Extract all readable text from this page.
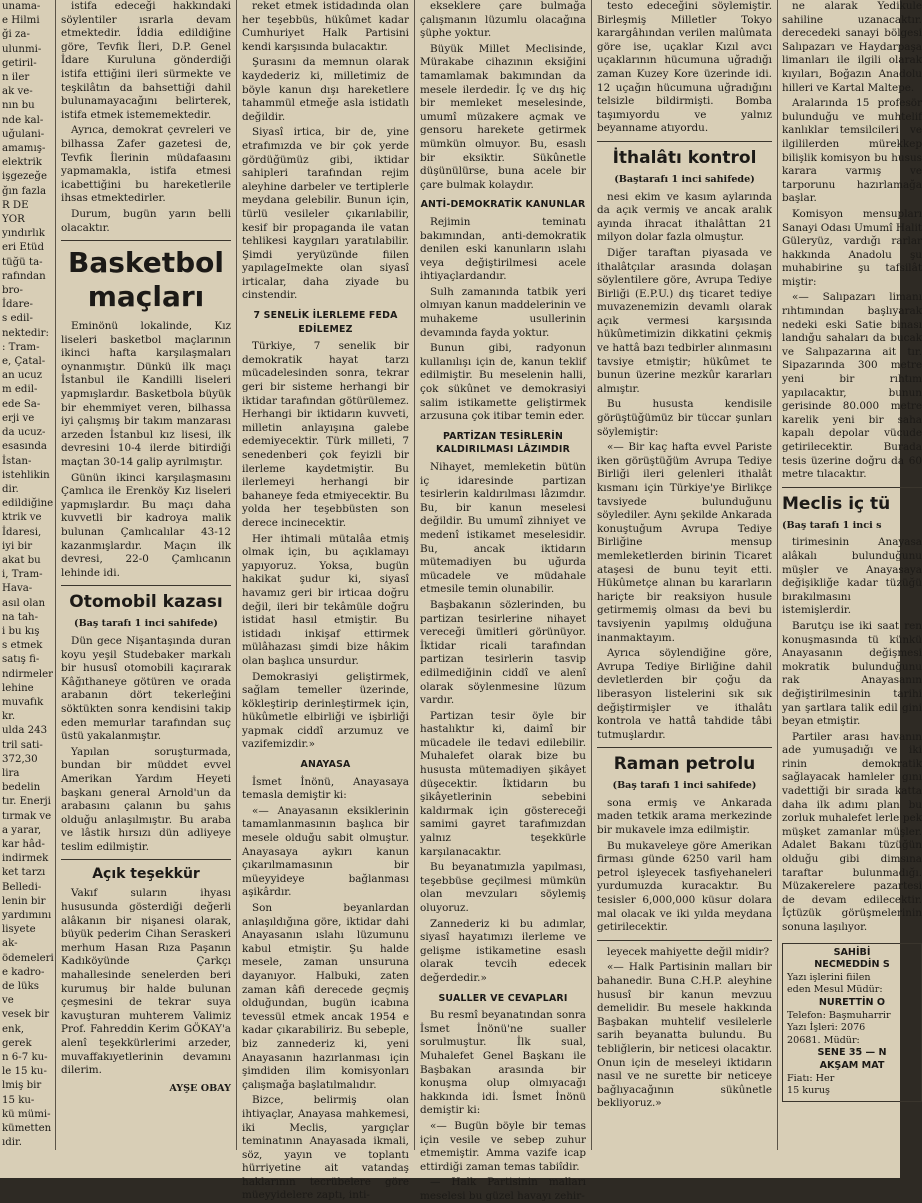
unama-
e Hilmi
ği za-
ulunmi-
getiril-
n iler
ak ve-
nın bu
nde kal-
uğulani-
amamış-
elektrik
işgezeğe
ğın fazla
R DE
YOR
yındırlık
eri Etüd
tüğü ta-
rafından bro-
İdare-
s edil-
nektedir:
: Tram-
e, Çatal-
an ucuz
m edil-
ede Sa-
erji ve
da ucuz-
esasında
İstan-
istehlikin
dir.
edildiğine
ktrik ve
İdaresi,
iyi bir
akat bu
i, Tram-
Hava-
asıl olan
na tah-
i bu kış
s etmek
satış fi-
ndirmeler
lehine
muvafık
kr.
ulda 243
tril sati-
372,30 lira
bedelin
tır. Enerji
tırmak ve
a yarar,
kar hâd-
indirmek
ket tarzı
Belledi-
lenin bir
yardımını
lisyete ak-
ödemeleri
e kadro-
de lüks ve
vesek bir
enk, gerek
n 6-7 ku-
le 15 ku-
lmiş bir
15 ku-
kü mümi-
kümetten
ıdir.

istifa edeceği hakkındaki söylentiler ısrarla devam etmektedir. İddia edildiğine göre, Tevfik İleri, D.P. Genel İdare Kuruluna gönderdiği istifa ettiğini ileri sürmekte ve teşkilâtın da bahsettiği dahil bulunamayacağını belirterek, istifa etmek istememektedir.

Ayrıca, demokrat çevreleri ve bilhassa Zafer gazetesi de, Tevfik İlerinin müdafaasını yapmamakla, istifa etmesi icabettiğini bu hareketlerile ihsas etmektedirler.

Durum, bugün yarın belli olacaktır.

Basketbol maçları

Eminönü lokalinde, Kız liseleri basketbol maçlarının ikinci hafta karşılaşmaları oynanmıştır. Dünkü ilk maçı İstanbul ile Kandilli liseleri yapmışlardır. Basketbola büyük bir ehemmiyet veren, bilhassa iyi çalışmış bir takım manzarası arzeden İstanbul kız lisesi, ilk devresini 10-4 ilerde bitirdiği maçtan 30-14 galip ayrılmıştır.

Günün ikinci karşılaşmasını Çamlıca ile Erenköy Kız liseleri yapmışlardır. Bu maçı daha kuvvetli bir kadroya malik bulunan Çamlıcalılar 43-12 kazanmışlardır. Maçın ilk devresi, 22-0 Çamlıcanın lehinde idi.

Otomobil kazası
(Baş tarafı 1 inci sahifede)

Dün gece Nişantaşında duran koyu yeşil Studebaker markalı bir hususî otomobili kaçırarak Kâğıthaneye götüren ve orada arabanın dört tekerleğini söktükten sonra kendisini takip eden memurlar tarafından suç üstü yakalanmıştır.

Yapılan soruşturmada, bundan bir müddet evvel Amerikan Yardım Heyeti başkanı general Arnold'un da arabasını çalanın bu şahıs olduğu anlaşılmıştır. Bu araba ve lâstik hırsızı dün adliyeye teslim edilmiştir.

Açık teşekkür

Vakıf suların ihyası hususunda gösterdiği değerli alâkanın bir nişanesi olarak, büyük pederim Cihan Seraskeri merhum Hasan Rıza Paşanın Kadıköyünde Çarkçı mahallesinde senelerden beri kurumuş bir halde bulunan çeşmesini de tekrar suya kavuşturan muhterem Valimiz Prof. Fahreddin Kerim GÖKAY'a alenî teşekkürlerimi arzeder, muvaffakıyetlerinin devamını dilerim.

AYŞE OBAY

reket etmek istidadında olan her teşebbüs, hükûmet kadar Cumhuriyet Halk Partisini kendi karşısında bulacaktır.

Şurasını da memnun olarak kaydederiz ki, milletimiz de böyle kanun dışı hareketlere tahammül etmeğe asla istidatlı değildir.

Siyasî irtica, bir de, yine etrafımızda ve bir çok yerde gördüğümüz gibi, iktidar sahipleri tarafından rejim aleyhine darbeler ve tertiplerle meydana gelebilir. Bunun için, türlü vesileler çıkarılabilir, kesif bir propaganda ile vatan tehlikesi kaygıları yaratılabilir. Şimdi yeryüzünde fiilen yapılageImekte olan siyasî irticalar, daha ziyade bu cinstendir.

7 SENELİK İLERLEME FEDA EDİLEMEZ

Türkiye, 7 senelik bir demokratik hayat tarzı mücadelesinden sonra, tekrar geri bir sisteme herhangi bir iktidar tarafından götürülemez. Herhangi bir iktidarın kuvveti, milletin anlayışına galebe edemiyecektir. Türk milleti, 7 senedenberi çok feyizli bir ilerleme kaydetmiştir. Bu ilerlemeyi herhangi bir bahaneye feda etmiyecektir. Bu yolda her teşebbüsten son derece incinecektir.

Her ihtimali mütalâa etmiş olmak için, bu açıklamayı yapıyoruz. Yoksa, bugün hakikat şudur ki, siyasî havamız geri bir irticaa doğru değil, ileri bir tekâmüle doğru istidat hasıl etmiştir. Bu istidadı inkişaf ettirmek mülâhazası şimdi bize hâkim olan başlıca unsurdur.

Demokrasiyi geliştirmek, sağlam temeller üzerinde, kökleştirip derinleştirmek için, hükûmetle elbirliği ve işbirliği yapmak ciddî arzumuz ve vazifemizdir.»

ANAYASA

İsmet İnönü, Anayasaya temasla demiştir ki:

«— Anayasanın eksiklerinin tamamlanmasının başlıca bir mesele olduğu sabit olmuştur. Anayasaya aykırı kanun çıkarılmamasının bir müeyyideye bağlanması aşikârdır.

Son beyanlardan anlaşıldığına göre, iktidar dahi Anayasanın ıslahı lüzumunu kabul etmiştir. Şu halde mesele, zaman unsuruna dayanıyor. Halbuki, zaten zaman kâfi derecede geçmiş olduğundan, bugün icabına tevessül etmek ancak 1954 e kadar çıkarabiliriz. Bu sebeple, biz zannederiz ki, yeni Anayasanın hazırlanması için şimdiden ilim komisyonları çalışmağa başlatılmalıdır.

Bizce, belirmiş olan ihtiyaçlar, Anayasa mahkemesi, iki Meclis, yargıçlar teminatının Anayasada ikmali, söz, yayın ve toplantı hürriyetine ait vatandaş haklarının tecrübelere göre müeyyidelere zaptı, inti-

ekseklere çare bulmağa çalışmanın lüzumlu olacağına şüphe yoktur.

Büyük Millet Meclisinde, Mürakabe cihazının eksiğini tamamlamak bakımından da mesele ilerdedir. İç ve dış hiç bir memleket meselesinde, umumî müzakere açmak ve gensoru harekete getirmek mümkün olmuyor. Bu, esaslı bir eksiktir. Sükûnetle düşünülürse, buna acele bir çare bulmak kolaydır.

ANTİ-DEMOKRATİK KANUNLAR

Rejimin teminatı bakımından, anti-demokratik denilen eski kanunların ıslahı veya değiştirilmesi acele ihtiyaçlardandır.

Sulh zamanında tatbik yeri olmıyan kanun maddelerinin ve muhakeme usullerinin devamında fayda yoktur.

Bunun gibi, radyonun kullanılışı için de, kanun teklif edilmiştir. Bu meselenin halli, çok sükûnet ve demokrasiyi salim istikamette geliştirmek arzusuna çok itibar temin eder.

PARTİZAN TESİRLERİN KALDIRILMASI LÂZIMDIR

Nihayet, memleketin bütün iç idaresinde partizan tesirlerin kaldırılması lâzımdır. Bu, bir kanun meselesi değildir. Bu umumî zihniyet ve medenî istikamet meselesidir. Bu, ancak iktidarın mütemadiyen bu uğurda mücadele ve müdahale etmesile temin olunabilir.

Başbakanın sözlerinden, bu partizan tesirlerine nihayet vereceği ümitleri görünüyor. İktidar ricali tarafından partizan tesirlerin tasvip edilmediğinin ciddî ve alenî olarak söylenmesine lüzum vardır.

Partizan tesir öyle bir hastalıktır ki, daimî bir mücadele ile tedavi edilebilir. Muhalefet olarak bize bu hususta mütemadiyen şikâyet düşecektir. İktidarın bu şikâyetlerinin sebebini kaldırmak için göstereceği samimi gayret tarafımızdan yalnız teşekkürle karşılanacaktır.

Bu beyanatımızla yapılması, teşebbüse geçilmesi mümkün olan mevzuları söylemiş oluyoruz.

Zannederiz ki bu adımlar, siyasî hayatımızı ilerleme ve gelişme istikametine esaslı olarak tevcih edecek değerdedir.»

SUALLER VE CEVAPLARI

Bu resmî beyanatından sonra İsmet İnönü'ne sualler sorulmuştur. İlk sual, Muhalefet Genel Başkanı ile Başbakan arasında bir konuşma olup olmıyacağı hakkında idi. İsmet İnönü demiştir ki:

«— Bugün böyle bir temas için vesile ve sebep zuhur etmemiştir. Amma vazife icap ettirdiği zaman temas tabiîdir.

— Halk Partisinin malları meselesi bu güzel havayı zehir-

testo edeceğini söylemiştir. Birleşmiş Milletler Tokyo karargâhından verilen malûmata göre ise, uçaklar Kızıl avcı uçaklarının hücumuna uğradığı zaman Kuzey Kore üzerinde idi. 12 uçağın hücumuna uğradığını telsizle bildirmişti. Bomba taşımıyordu ve yalnız beyanname atıyordu.

İthalâtı kontrol
(Baştarafı 1 inci sahifede)

nesi ekim ve kasım aylarında da açık vermiş ve ancak aralık ayında ihracat ithalâttan 21 milyon dolar fazla olmuştur.

Diğer taraftan piyasada ve ithalâtçılar arasında dolaşan söylentilere göre, Avrupa Tediye Birliği (E.P.U.) dış ticaret tediye muvazenemizin devamlı olarak açık vermesi karşısında hükûmetimizin dikkatini çekmiş ve hattâ bazı tedbirler alınmasını tavsiye etmiştir; hükûmet te bunun üzerine mezkûr kararları almıştır.

Bu hususta kendisile görüştüğümüz bir tüccar şunları söylemiştir:

«— Bir kaç hafta evvel Pariste iken görüştüğüm Avrupa Tediye Birliği ileri gelenleri ithalât kısmanı için Türkiye'ye Birlikçe tavsiyede bulunduğunu söylediler. Aynı şekilde Ankarada konuştuğum Avrupa Tediye Birliğine mensup memleketlerden birinin Ticaret ataşesi de bunu teyit etti. Hükûmetçe alınan bu kararların hariçte bir reaksiyon husule getirmemiş olması da bevi bu tavsiyenin yapılmış olduğuna inanmaktayım.

Ayrıca söylendiğine göre, Avrupa Tediye Birliğine dahil devletlerden bir çoğu da liberasyon listelerini sık sık değiştirmişler ve ithalâtı kontrola ve hattâ tahdide tâbi tutmuşlardır.

Raman petrolu
(Baş tarafı 1 inci sahifede)

sona ermiş ve Ankarada maden tetkik arama merkezinde bir mukavele imza edilmiştir.

Bu mukaveleye göre Amerikan firması günde 6250 varil ham petrol işleyecek tasfiyehaneleri yurdumuzda kuracaktır. Bu tesisler 6,000,000 küsur dolara mal olacak ve iki yılda meydana getirilecektir.

leyecek mahiyette değil midir?

«— Halk Partisinin malları bir bahanedir. Buna C.H.P. aleyhine hususî bir kanun mevzuu demelidir. Bu mesele hakkında Başbakan muhtelif vesilelerle sarih beyanatta bulundu. Bu tebliğlerin, bir neticesi olacaktır. Onun için de meseleyi iktidarın nasıl ve ne surette bir neticeye bağlıyacağının sükûnetle bekliyoruz.»

ne alarak Yedikule sahiline uzanacaktır. derecedeki sanayi bölgesi Salıpazarı ve Haydarpaşa limanları ile ilgili olarak kıyıları, Boğazın Anadolu hilleri ve Kartal Maltepe.

Aralarında 15 profesör bulunduğu ve muhtelif kanlıklar temsilcileri ve ilgililerden mürekkep bilişlik komisyon bu husus karara varmış ve tarporunu hazırlamağa başlar.

Komisyon mensupları Sanayi Odası Umumî Halit Güleryüz, vardığı rarlar hakkında Anadolu şu muhabirine şu tafsilât miştir:

«— Salıpazarı limanı rıhtımından başlıyarak nedeki eski Satie binası landığu sahaları da bucak ve Salıpazarına ait tır. Sipazarında 300 metre yeni bir rıhtım yapılacaktır, bunun gerisinde 80.000 metre karelik yeni bir saha kapalı depolar vücude getirilecektir. Burada tesis üzerine doğru da 60 metre tılacaktır.

Meclis iç tü
(Baş tarafı 1 inci s

tirimesinin Anayasa alâkalı bulunduğunu müşler ve Anayasaya değişikliğe kadar tüzüğü bırakılmasını istemişlerdir.

Barutçu ise iki saat ren konuşmasında tü künkü Anayasanın değişmesi mokratik bulunduğunu rak Anayasanın değiştirilmesinin tarihi yan şartlara talik edil gini beyan etmiştir.

Partiler arası havanın ade yumuşadığı ve iki rinin demokratik sağlayacak hamleler gını vadettiği bir sırada katta daha ilk adımı plan bu zorluk muhalefet lerle pek müşket zamanlar müşler. Adalet Bakanı tüzüğün olduğu gibi dimsına taraftar bulunmadığı. Müzakerelere pazartesi de devam edilecektir. İçtüzük görüşmelerinin sonuna laşılıyor.

SAHİBİ
NECMEDDİN S
Yazı işlerini fiilen
eden Mesul Müdür:
NURETTİN O
Telefon: Başmuharrir
Yazı İşleri: 2076
20681. Müdür:
SENE 35 — N
AKŞAM MAT
Fiatı: Her
15 kuruş
